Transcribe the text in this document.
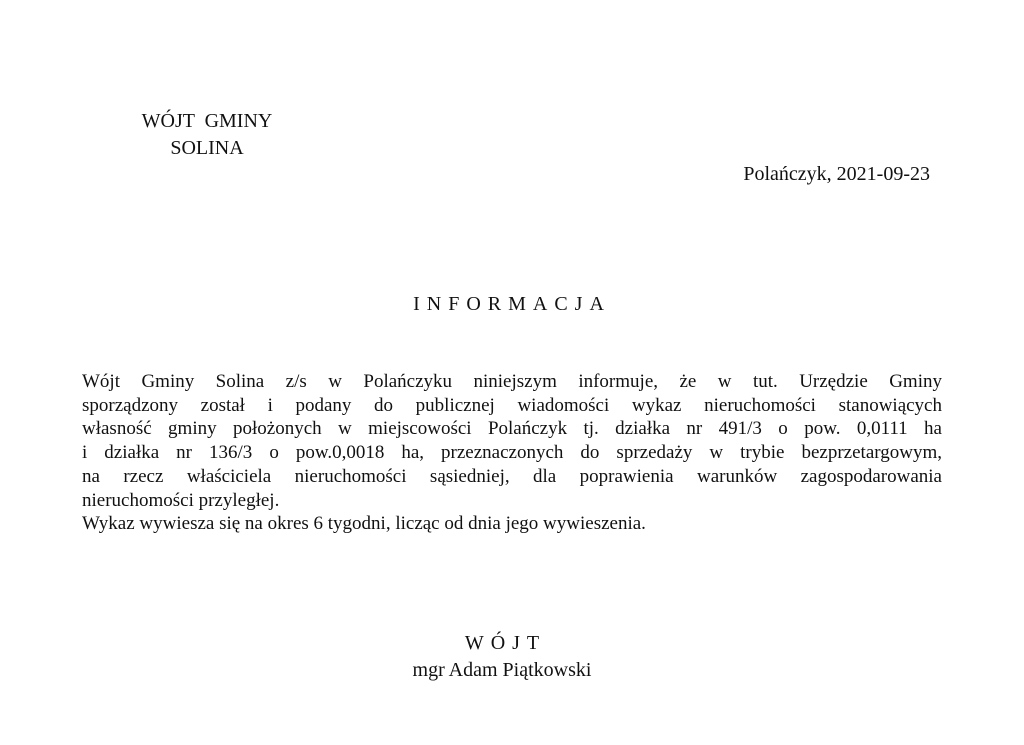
WÓJT  GMINY
SOLINA
Polańczyk, 2021-09-23
INFORMACJA
Wójt Gminy Solina z/s w Polańczyku niniejszym informuje, że w tut. Urzędzie Gminy
sporządzony został i podany do publicznej wiadomości wykaz nieruchomości stanowiących
własność gminy położonych w miejscowości Polańczyk tj. działka nr 491/3 o pow. 0,0111 ha
i działka nr 136/3 o pow.0,0018 ha, przeznaczonych do sprzedaży w trybie bezprzetargowym,
na rzecz właściciela nieruchomości sąsiedniej, dla poprawienia warunków zagospodarowania
nieruchomości przyległej.
Wykaz wywiesza się na okres 6 tygodni, licząc od dnia jego wywieszenia.
WÓJT
mgr Adam Piątkowski
